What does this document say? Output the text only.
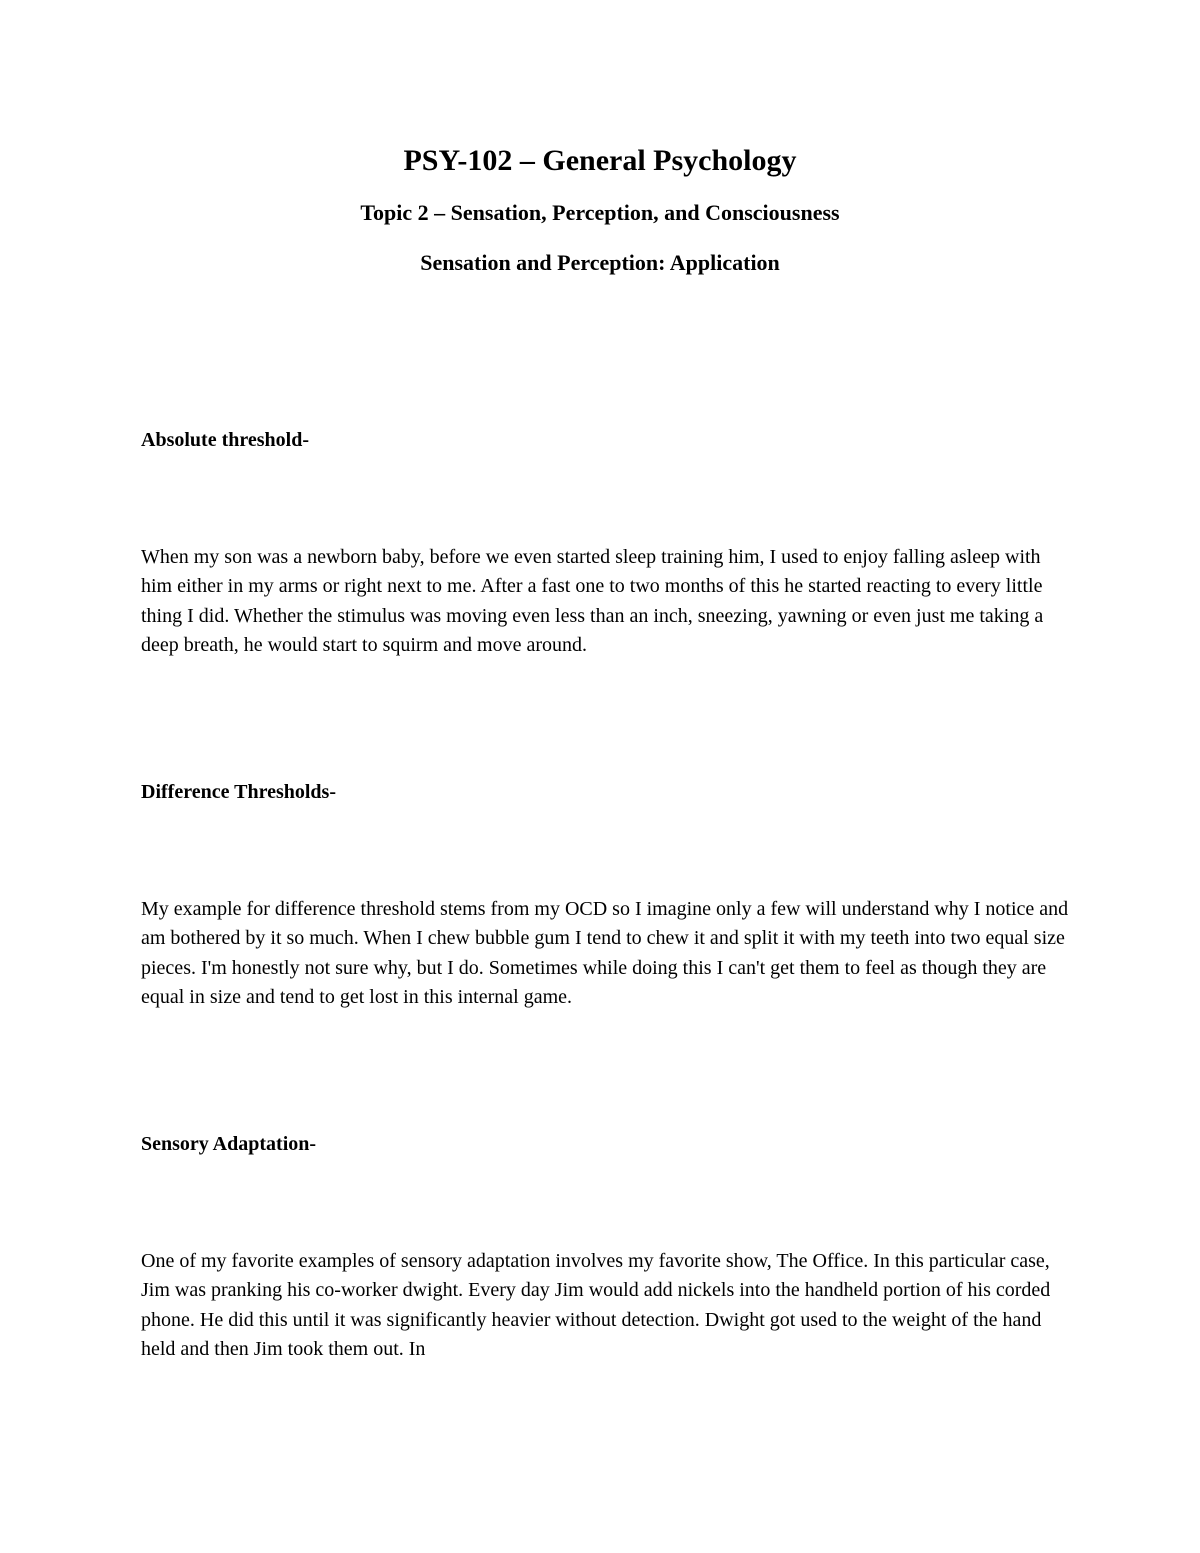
PSY-102 – General Psychology
Topic 2 – Sensation, Perception, and Consciousness
Sensation and Perception: Application
Absolute threshold-

When my son was a newborn baby, before we even started sleep training him, I used to enjoy falling asleep with him either in my arms or right next to me. After a fast one to two months of this he started reacting to every little thing I did. Whether the stimulus was moving even less than an inch, sneezing, yawning or even just me taking a deep breath, he would start to squirm and move around.

Difference Thresholds-

My example for difference threshold stems from my OCD so I imagine only a few will understand why I notice and am bothered by it so much. When I chew bubble gum I tend to chew it and split it with my teeth into two equal size pieces. I'm honestly not sure why, but I do. Sometimes while doing this I can't get them to feel as though they are equal in size and tend to get lost in this internal game.

Sensory Adaptation-

One of my favorite examples of sensory adaptation involves my favorite show, The Office. In this particular case, Jim was pranking his co-worker dwight. Every day Jim would add nickels into the handheld portion of his corded phone. He did this until it was significantly heavier without detection. Dwight got used to the weight of the hand held and then Jim took them out. In
